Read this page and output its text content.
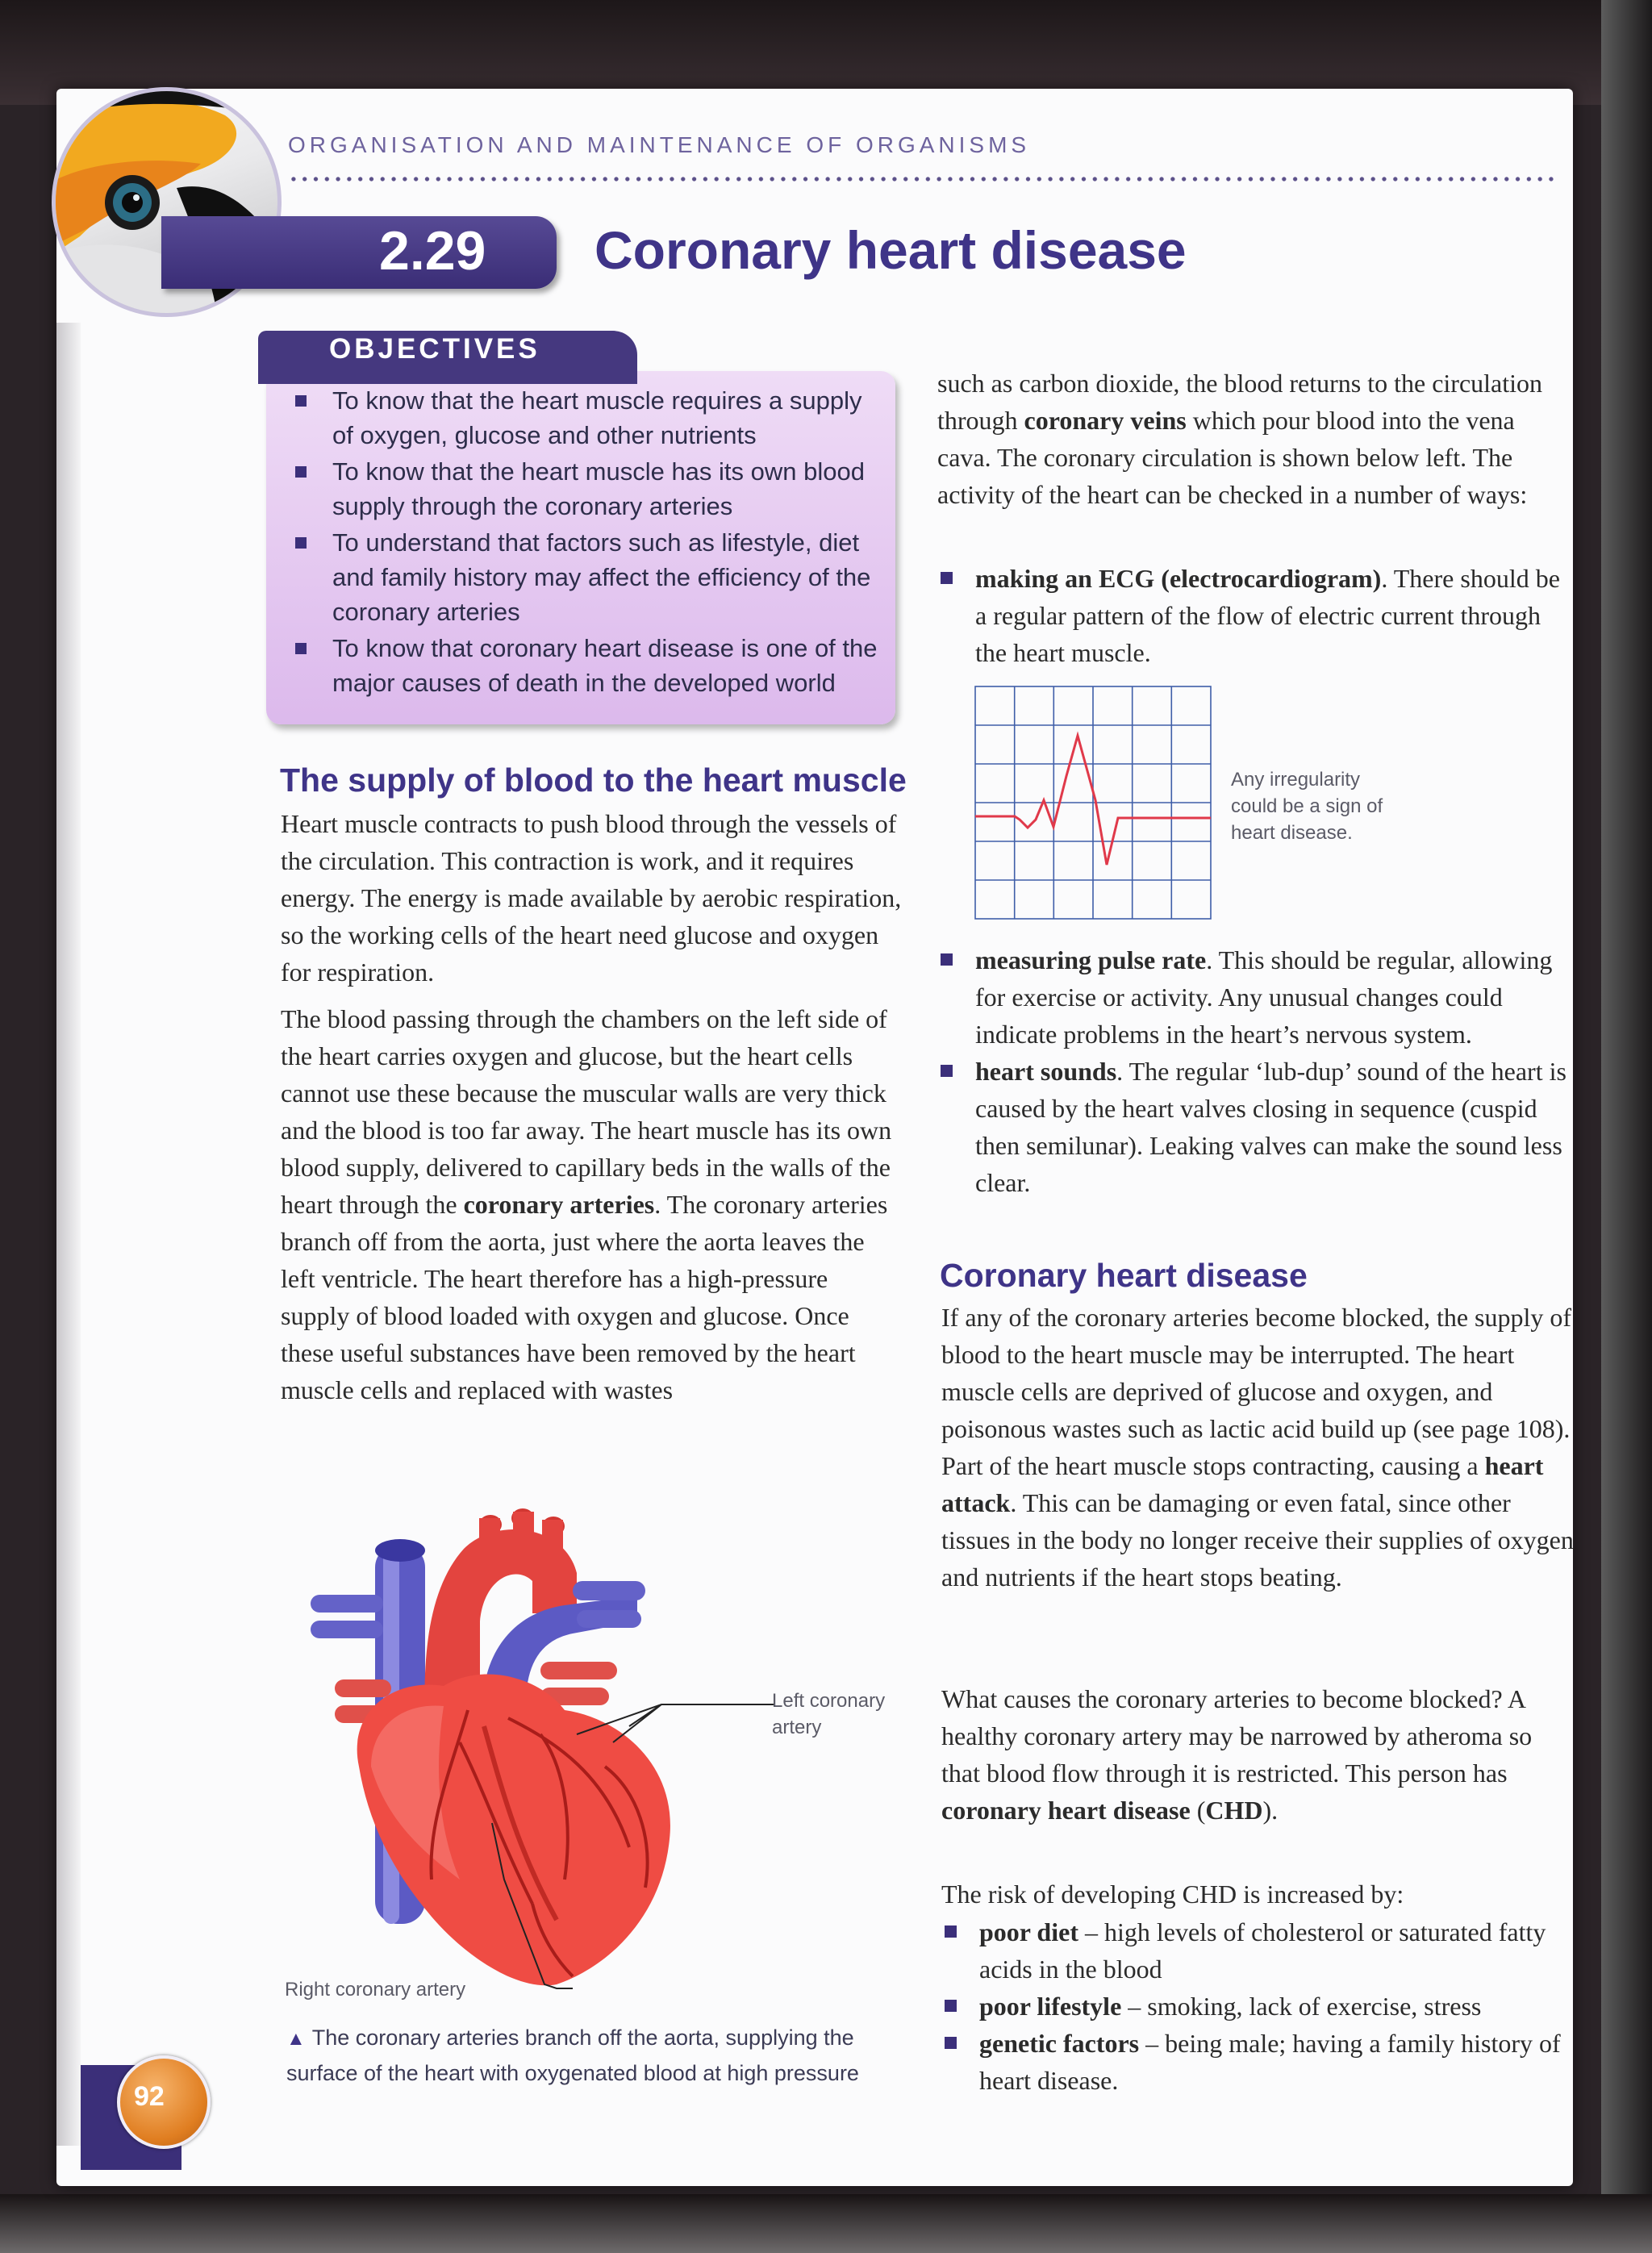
ORGANISATION AND MAINTENANCE OF ORGANISMS
2.29 Coronary heart disease
OBJECTIVES
To know that the heart muscle requires a supply of oxygen, glucose and other nutrients
To know that the heart muscle has its own blood supply through the coronary arteries
To understand that factors such as lifestyle, diet and family history may affect the efficiency of the coronary arteries
To know that coronary heart disease is one of the major causes of death in the developed world
The supply of blood to the heart muscle

Heart muscle contracts to push blood through the vessels of the circulation. This contraction is work, and it requires energy. The energy is made available by aerobic respiration, so the working cells of the heart need glucose and oxygen for respiration.

The blood passing through the chambers on the left side of the heart carries oxygen and glucose, but the heart cells cannot use these because the muscular walls are very thick and the blood is too far away. The heart muscle has its own blood supply, delivered to capillary beds in the walls of the heart through the coronary arteries. The coronary arteries branch off from the aorta, just where the aorta leaves the left ventricle. The heart therefore has a high-pressure supply of blood loaded with oxygen and glucose. Once these useful substances have been removed by the heart muscle cells and replaced with wastes

Left coronary artery
Right coronary artery
▲ The coronary arteries branch off the aorta, supplying the surface of the heart with oxygenated blood at high pressure

such as carbon dioxide, the blood returns to the circulation through coronary veins which pour blood into the vena cava. The coronary circulation is shown below left. The activity of the heart can be checked in a number of ways:

making an ECG (electrocardiogram). There should be a regular pattern of the flow of electric current through the heart muscle.
Any irregularity could be a sign of heart disease.
measuring pulse rate. This should be regular, allowing for exercise or activity. Any unusual changes could indicate problems in the heart’s nervous system.
heart sounds. The regular ‘lub-dup’ sound of the heart is caused by the heart valves closing in sequence (cuspid then semilunar). Leaking valves can make the sound less clear.
Coronary heart disease

If any of the coronary arteries become blocked, the supply of blood to the heart muscle may be interrupted. The heart muscle cells are deprived of glucose and oxygen, and poisonous wastes such as lactic acid build up (see page 108). Part of the heart muscle stops contracting, causing a heart attack. This can be damaging or even fatal, since other tissues in the body no longer receive their supplies of oxygen and nutrients if the heart stops beating.

What causes the coronary arteries to become blocked? A healthy coronary artery may be narrowed by atheroma so that blood flow through it is restricted. This person has coronary heart disease (CHD).

The risk of developing CHD is increased by:

poor diet – high levels of cholesterol or saturated fatty acids in the blood
poor lifestyle – smoking, lack of exercise, stress
genetic factors – being male; having a family history of heart disease.
92
